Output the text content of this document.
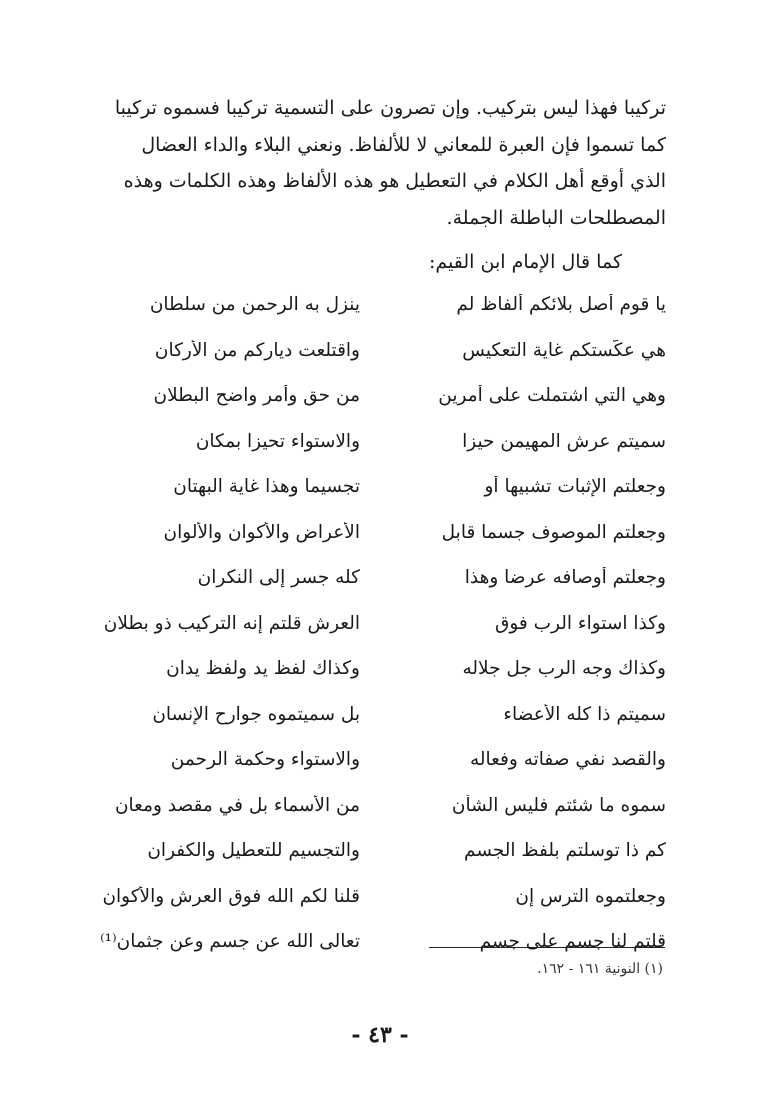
تركيبا فهذا ليس بتركيب. وإن تصرون على التسمية تركيبا فسموه تركيبا

كما تسموا فإن العبرة للمعاني لا للألفاظ. ونعني البلاء والداء العضال

الذي أوقع أهل الكلام في التعطيل هو هذه الألفاظ وهذه الكلمات وهذه

المصطلحات الباطلة الجملة.

كما قال الإمام ابن القيم:
يا قوم أصل بلائكم ألفاظ لم
ينزل به الرحمن من سلطان
هي عكَّستكم غاية التعكيس
واقتلعت دياركم من الأركان
وهي التي اشتملت على أمرين
من حق وأمر واضح البطلان
سميتم عرش المهيمن حيزا
والاستواء تحيزا بمكان
وجعلتم الإثبات تشبيها أو
تجسيما وهذا غاية البهتان
وجعلتم الموصوف جسما قابل
الأعراض والأكوان والألوان
وجعلتم أوصافه عرضا وهذا
كله جسر إلى النكران
وكذا استواء الرب فوق
العرش قلتم إنه التركيب ذو بطلان
وكذاك وجه الرب جل جلاله
وكذاك لفظ يد ولفظ يدان
سميتم ذا كله الأعضاء
بل سميتموه جوارح الإنسان
والقصد نفي صفاته وفعاله
والاستواء وحكمة الرحمن
سموه ما شئتم فليس الشأن
من الأسماء بل في مقصد ومعان
كم ذا توسلتم بلفظ الجسم
والتجسيم للتعطيل والكفران
وجعلتموه الترس إن
قلنا لكم الله فوق العرش والأكوان
قلتم لنا جسم على جسم
تعالى الله عن جسم وعن جثمان⁽¹⁾
(١) النونية ١٦١ - ١٦٢.
- ٤٣ -
